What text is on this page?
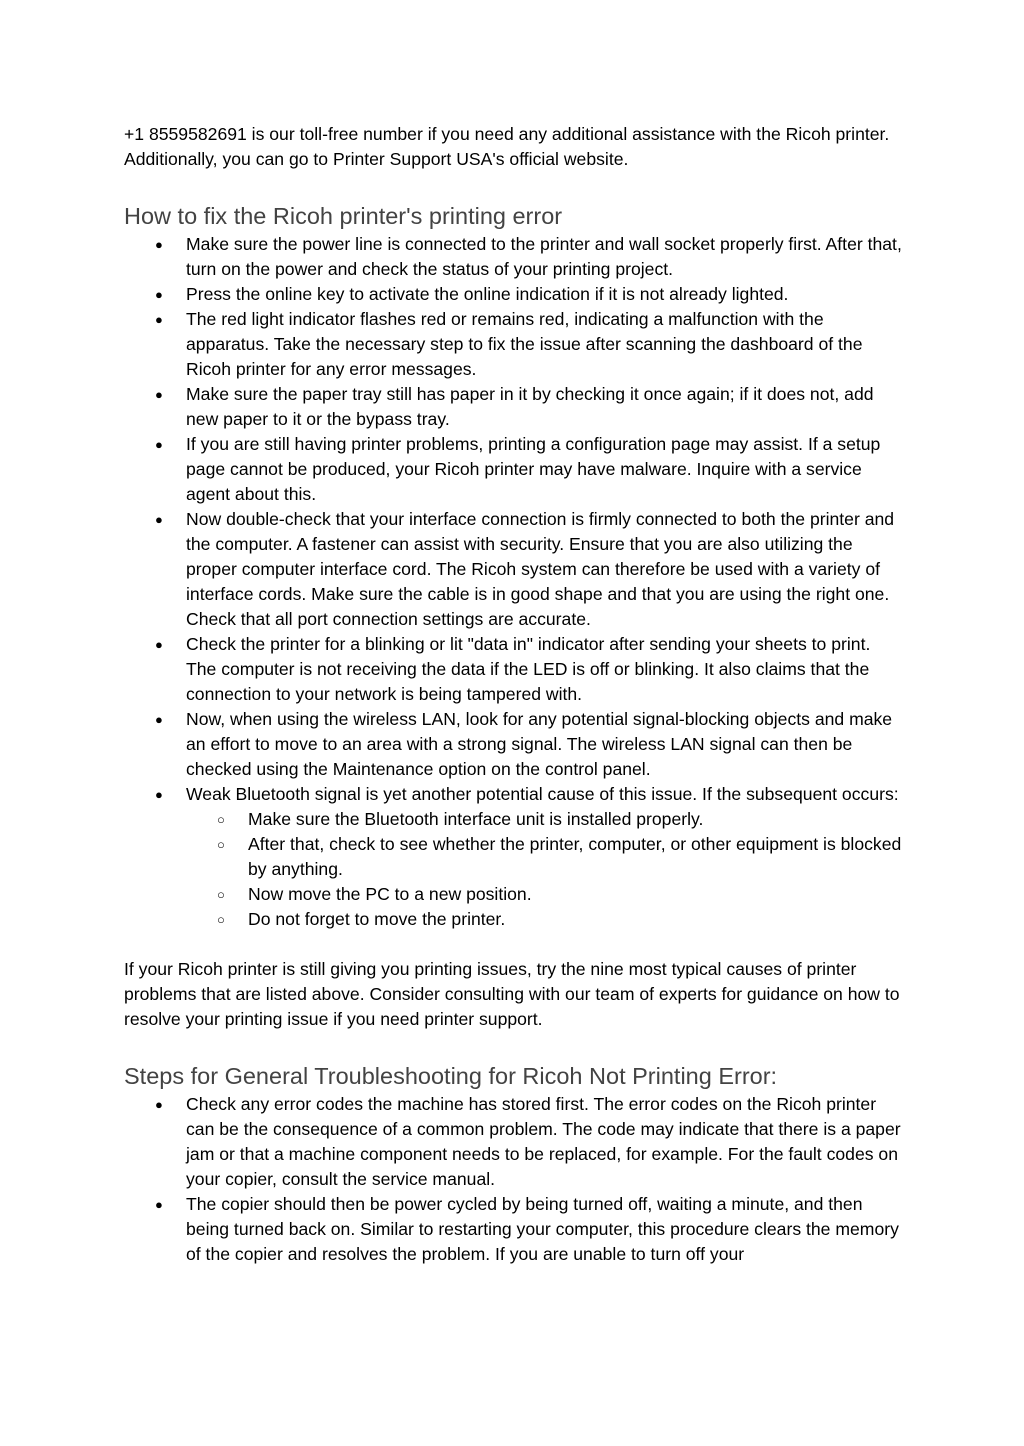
+1 8559582691 is our toll-free number if you need any additional assistance with the Ricoh printer. Additionally, you can go to Printer Support USA's official website.

How to fix the Ricoh printer's printing error
● Make sure the power line is connected to the printer and wall socket properly first. After that, turn on the power and check the status of your printing project.
● Press the online key to activate the online indication if it is not already lighted.
● The red light indicator flashes red or remains red, indicating a malfunction with the apparatus. Take the necessary step to fix the issue after scanning the dashboard of the Ricoh printer for any error messages.
● Make sure the paper tray still has paper in it by checking it once again; if it does not, add new paper to it or the bypass tray.
● If you are still having printer problems, printing a configuration page may assist. If a setup page cannot be produced, your Ricoh printer may have malware. Inquire with a service agent about this.
● Now double-check that your interface connection is firmly connected to both the printer and the computer. A fastener can assist with security. Ensure that you are also utilizing the proper computer interface cord. The Ricoh system can therefore be used with a variety of interface cords. Make sure the cable is in good shape and that you are using the right one. Check that all port connection settings are accurate.
● Check the printer for a blinking or lit "data in" indicator after sending your sheets to print. The computer is not receiving the data if the LED is off or blinking. It also claims that the connection to your network is being tampered with.
● Now, when using the wireless LAN, look for any potential signal-blocking objects and make an effort to move to an area with a strong signal. The wireless LAN signal can then be checked using the Maintenance option on the control panel.
● Weak Bluetooth signal is yet another potential cause of this issue. If the subsequent occurs:
○ Make sure the Bluetooth interface unit is installed properly.
○ After that, check to see whether the printer, computer, or other equipment is blocked by anything.
○ Now move the PC to a new position.
○ Do not forget to move the printer.

If your Ricoh printer is still giving you printing issues, try the nine most typical causes of printer problems that are listed above. Consider consulting with our team of experts for guidance on how to resolve your printing issue if you need printer support.

Steps for General Troubleshooting for Ricoh Not Printing Error:
● Check any error codes the machine has stored first. The error codes on the Ricoh printer can be the consequence of a common problem. The code may indicate that there is a paper jam or that a machine component needs to be replaced, for example. For the fault codes on your copier, consult the service manual.
● The copier should then be power cycled by being turned off, waiting a minute, and then being turned back on. Similar to restarting your computer, this procedure clears the memory of the copier and resolves the problem. If you are unable to turn off your
